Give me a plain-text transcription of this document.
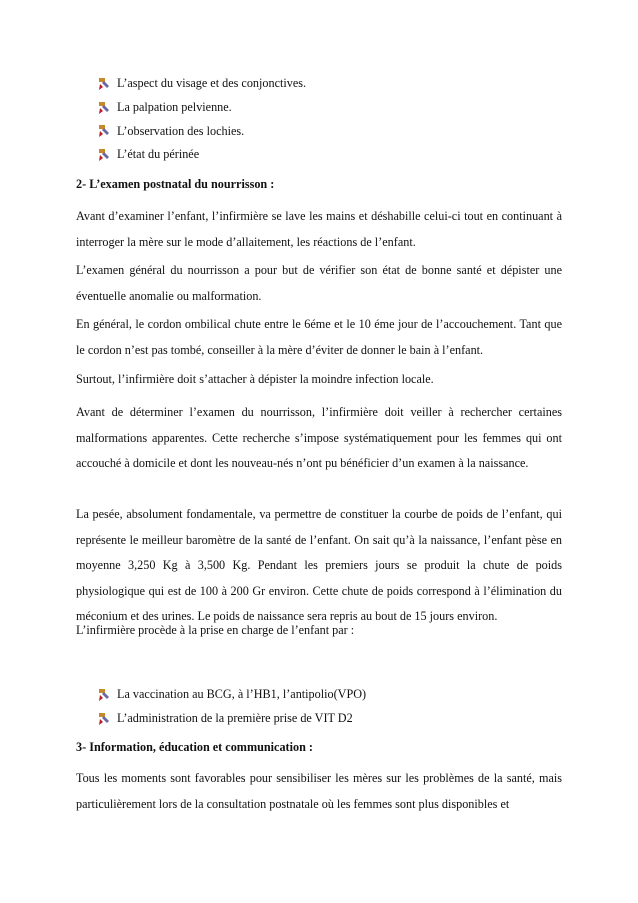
L’aspect du visage et des conjonctives.
La palpation pelvienne.
L’observation des lochies.
L’état du périnée
2- L’examen postnatal du nourrisson :

Avant d’examiner l’enfant, l’infirmière se lave les mains et déshabille celui-ci tout en continuant à interroger la mère sur le mode d’allaitement, les réactions de l’enfant.

L’examen général du nourrisson a pour but de vérifier son état de bonne santé et dépister une éventuelle anomalie ou malformation.

En général, le cordon ombilical chute entre le 6éme et le 10 éme jour de l’accouchement. Tant que le cordon n’est pas tombé, conseiller à la mère d’éviter de donner le bain à l’enfant.

Surtout, l’infirmière doit s’attacher à dépister la moindre infection locale.

Avant de déterminer l’examen du nourrisson, l’infirmière doit veiller à rechercher certaines malformations apparentes. Cette recherche s’impose systématiquement pour les femmes qui ont accouché à domicile et dont les nouveau-nés n’ont pu bénéficier d’un examen à la naissance.

La pesée, absolument fondamentale, va permettre de constituer la courbe de poids de l’enfant, qui représente le meilleur baromètre de la santé de l’enfant. On sait qu’à la naissance, l’enfant pèse en moyenne 3,250 Kg à 3,500 Kg. Pendant les premiers jours se produit la chute de poids physiologique qui est de 100 à 200 Gr environ. Cette chute de poids correspond à l’élimination du méconium et des urines. Le poids de naissance sera repris au bout de 15 jours environ.

L’infirmière procède à la prise en charge de l’enfant par :

La vaccination au BCG, à l’HB1, l’antipolio(VPO)
L’administration de la première prise de VIT D2
3- Information, éducation et communication :

Tous les moments sont favorables pour sensibiliser les mères sur les problèmes de la santé, mais particulièrement lors de la consultation postnatale où les femmes sont plus disponibles et
